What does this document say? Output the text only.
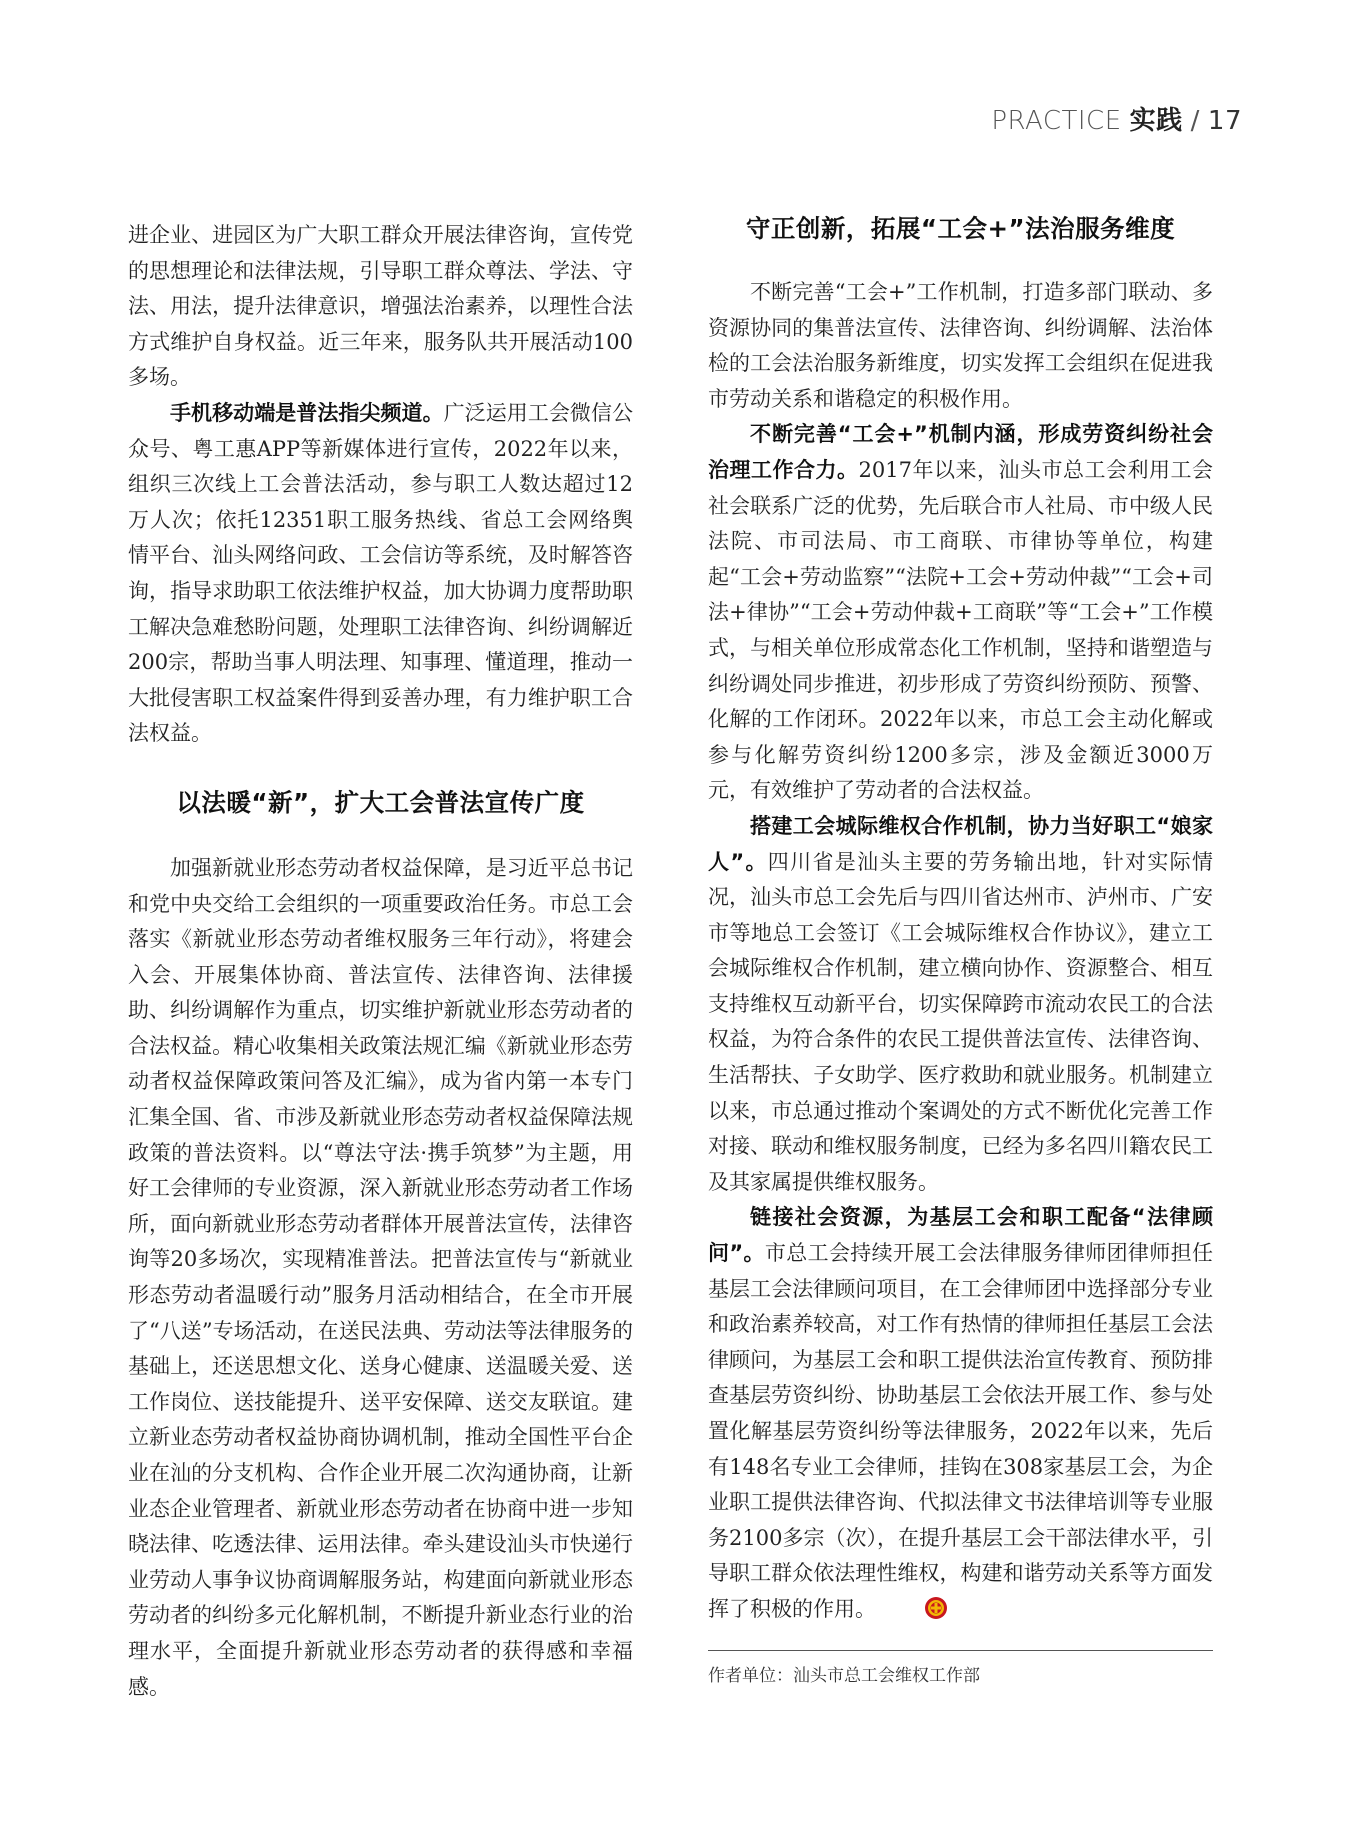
PRACTICE 实践 / 17

进企业、进园区为广大职工群众开展法律咨询，宣传党的思想理论和法律法规，引导职工群众尊法、学法、守法、用法，提升法律意识，增强法治素养，以理性合法方式维护自身权益。近三年来，服务队共开展活动100多场。

手机移动端是普法指尖频道。广泛运用工会微信公众号、粤工惠APP等新媒体进行宣传，2022年以来，组织三次线上工会普法活动，参与职工人数达超过12万人次；依托12351职工服务热线、省总工会网络舆情平台、汕头网络问政、工会信访等系统，及时解答咨询，指导求助职工依法维护权益，加大协调力度帮助职工解决急难愁盼问题，处理职工法律咨询、纠纷调解近200宗，帮助当事人明法理、知事理、懂道理，推动一大批侵害职工权益案件得到妥善办理，有力维护职工合法权益。

以法暖“新”，扩大工会普法宣传广度

加强新就业形态劳动者权益保障，是习近平总书记和党中央交给工会组织的一项重要政治任务。市总工会落实《新就业形态劳动者维权服务三年行动》，将建会入会、开展集体协商、普法宣传、法律咨询、法律援助、纠纷调解作为重点，切实维护新就业形态劳动者的合法权益。精心收集相关政策法规汇编《新就业形态劳动者权益保障政策问答及汇编》，成为省内第一本专门汇集全国、省、市涉及新就业形态劳动者权益保障法规政策的普法资料。以“尊法守法·携手筑梦”为主题，用好工会律师的专业资源，深入新就业形态劳动者工作场所，面向新就业形态劳动者群体开展普法宣传，法律咨询等20多场次，实现精准普法。把普法宣传与“新就业形态劳动者温暖行动”服务月活动相结合，在全市开展了“八送”专场活动，在送民法典、劳动法等法律服务的基础上，还送思想文化、送身心健康、送温暖关爱、送工作岗位、送技能提升、送平安保障、送交友联谊。建立新业态劳动者权益协商协调机制，推动全国性平台企业在汕的分支机构、合作企业开展二次沟通协商，让新业态企业管理者、新就业形态劳动者在协商中进一步知晓法律、吃透法律、运用法律。牵头建设汕头市快递行业劳动人事争议协商调解服务站，构建面向新就业形态劳动者的纠纷多元化解机制，不断提升新业态行业的治理水平，全面提升新就业形态劳动者的获得感和幸福感。

守正创新，拓展“工会+”法治服务维度

不断完善“工会+”工作机制，打造多部门联动、多资源协同的集普法宣传、法律咨询、纠纷调解、法治体检的工会法治服务新维度，切实发挥工会组织在促进我市劳动关系和谐稳定的积极作用。

不断完善“工会+”机制内涵，形成劳资纠纷社会治理工作合力。2017年以来，汕头市总工会利用工会社会联系广泛的优势，先后联合市人社局、市中级人民法院、市司法局、市工商联、市律协等单位，构建起“工会+劳动监察”“法院+工会+劳动仲裁”“工会+司法+律协”“工会+劳动仲裁+工商联”等“工会+”工作模式，与相关单位形成常态化工作机制，坚持和谐塑造与纠纷调处同步推进，初步形成了劳资纠纷预防、预警、化解的工作闭环。2022年以来，市总工会主动化解或参与化解劳资纠纷1200多宗，涉及金额近3000万元，有效维护了劳动者的合法权益。

搭建工会城际维权合作机制，协力当好职工“娘家人”。四川省是汕头主要的劳务输出地，针对实际情况，汕头市总工会先后与四川省达州市、泸州市、广安市等地总工会签订《工会城际维权合作协议》，建立工会城际维权合作机制，建立横向协作、资源整合、相互支持维权互动新平台，切实保障跨市流动农民工的合法权益，为符合条件的农民工提供普法宣传、法律咨询、生活帮扶、子女助学、医疗救助和就业服务。机制建立以来，市总通过推动个案调处的方式不断优化完善工作对接、联动和维权服务制度，已经为多名四川籍农民工及其家属提供维权服务。

链接社会资源，为基层工会和职工配备“法律顾问”。市总工会持续开展工会法律服务律师团律师担任基层工会法律顾问项目，在工会律师团中选择部分专业和政治素养较高，对工作有热情的律师担任基层工会法律顾问，为基层工会和职工提供法治宣传教育、预防排查基层劳资纠纷、协助基层工会依法开展工作、参与处置化解基层劳资纠纷等法律服务，2022年以来，先后有148名专业工会律师，挂钩在308家基层工会，为企业职工提供法律咨询、代拟法律文书法律培训等专业服务2100多宗（次），在提升基层工会干部法律水平，引导职工群众依法理性维权，构建和谐劳动关系等方面发挥了积极的作用。

作者单位：汕头市总工会维权工作部
